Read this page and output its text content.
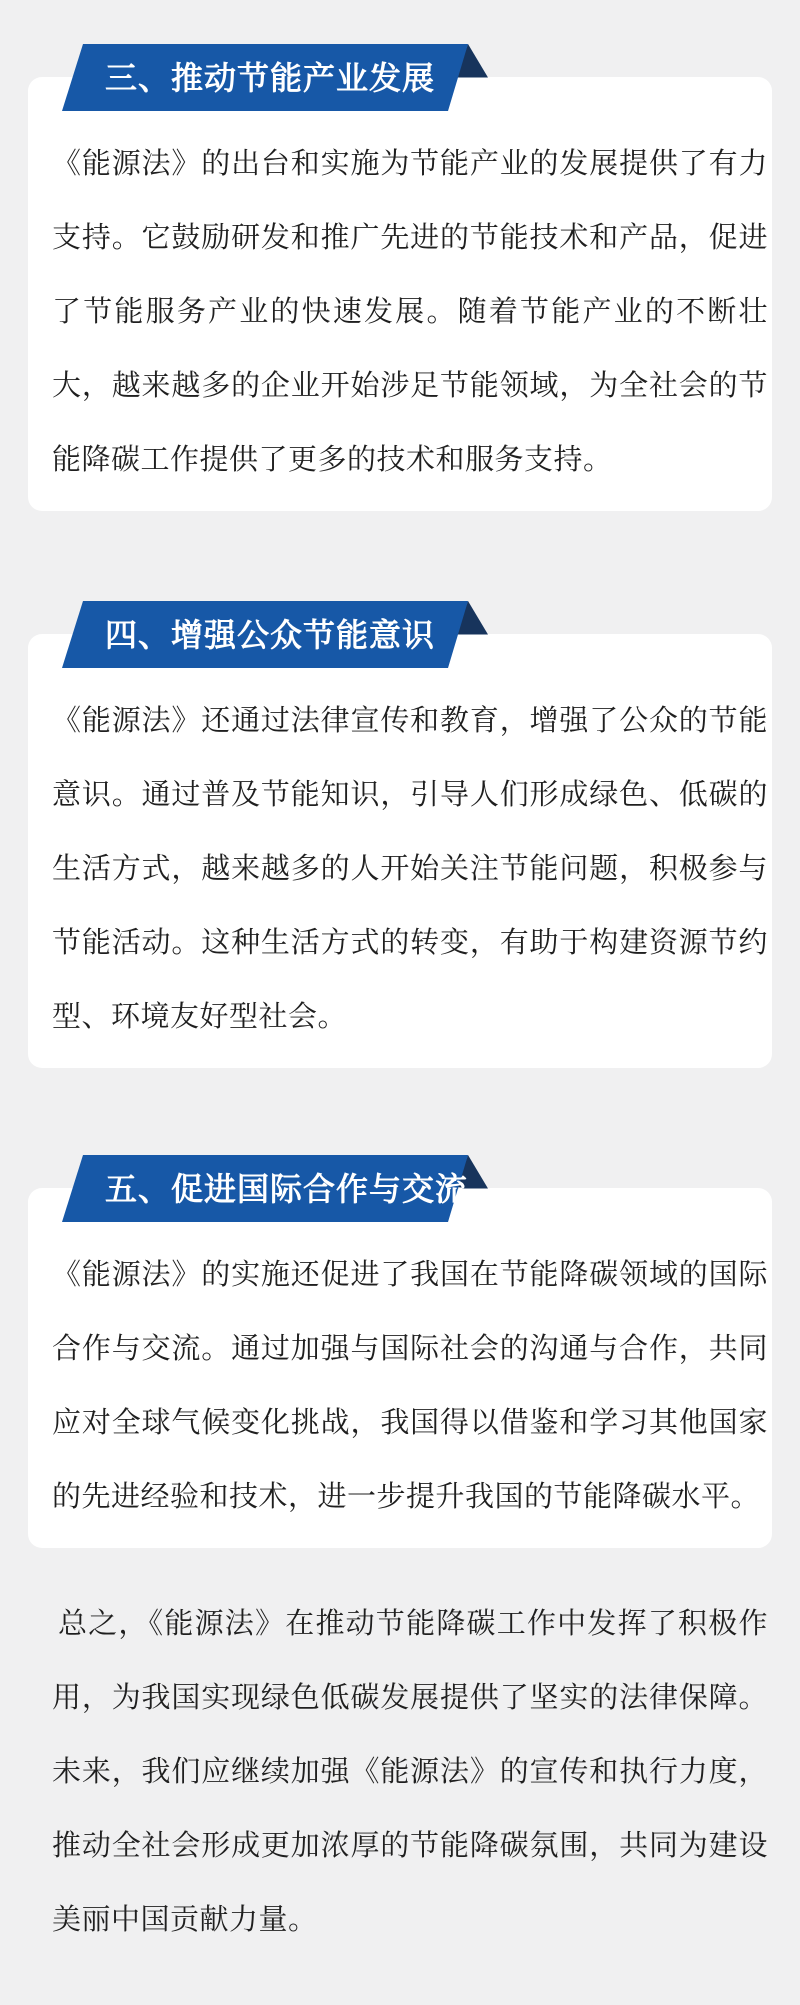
三、推动节能产业发展

《能源法》的出台和实施为节能产业的发展提供了有力支持。它鼓励研发和推广先进的节能技术和产品，促进了节能服务产业的快速发展。随着节能产业的不断壮大，越来越多的企业开始涉足节能领域，为全社会的节能降碳工作提供了更多的技术和服务支持。

四、增强公众节能意识

《能源法》还通过法律宣传和教育，增强了公众的节能意识。通过普及节能知识，引导人们形成绿色、低碳的生活方式，越来越多的人开始关注节能问题，积极参与节能活动。这种生活方式的转变，有助于构建资源节约型、环境友好型社会。

五、促进国际合作与交流

《能源法》的实施还促进了我国在节能降碳领域的国际合作与交流。通过加强与国际社会的沟通与合作，共同应对全球气候变化挑战，我国得以借鉴和学习其他国家的先进经验和技术，进一步提升我国的节能降碳水平。

总之，《能源法》在推动节能降碳工作中发挥了积极作用，为我国实现绿色低碳发展提供了坚实的法律保障。未来，我们应继续加强《能源法》的宣传和执行力度，推动全社会形成更加浓厚的节能降碳氛围，共同为建设美丽中国贡献力量。
